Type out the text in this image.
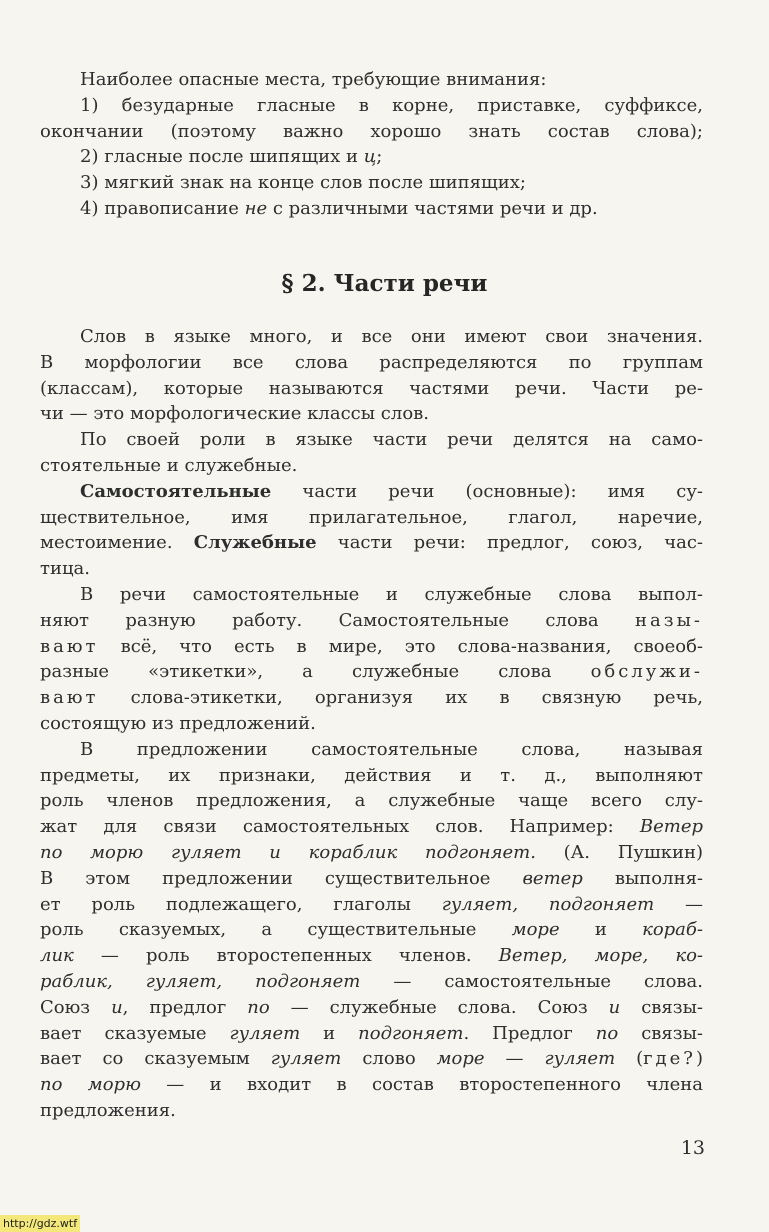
Наиболее опасные места, требующие внимания:
1) безударные гласные в корне, приставке, суффиксе,
окончании (поэтому важно хорошо знать состав слова);
2) гласные после шипящих и ц;
3) мягкий знак на конце слов после шипящих;
4) правописание не с различными частями речи и др.
§ 2. Части речи
Слов в языке много, и все они имеют свои значения.
В морфологии все слова распределяются по группам
(классам), которые называются частями речи. Части ре-
чи — это морфологические классы слов.
По своей роли в языке части речи делятся на само-
стоятельные и служебные.
Самостоятельные части речи (основные): имя су-
ществительное, имя прилагательное, глагол, наречие,
местоимение. Служебные части речи: предлог, союз, час-
тица.
В речи самостоятельные и служебные слова выпол-
няют разную работу. Самостоятельные слова назы-
вают всё, что есть в мире, это слова-названия, своеоб-
разные «этикетки», а служебные слова обслужи-
вают слова-этикетки, организуя их в связную речь,
состоящую из предложений.
В предложении самостоятельные слова, называя
предметы, их признаки, действия и т. д., выполняют
роль членов предложения, а служебные чаще всего слу-
жат для связи самостоятельных слов. Например: Ветер
по морю гуляет и кораблик подгоняет. (А. Пушкин)
В этом предложении существительное ветер выполня-
ет роль подлежащего, глаголы гуляет, подгоняет —
роль сказуемых, а существительные море и кораб-
лик — роль второстепенных членов. Ветер, море, ко-
раблик, гуляет, подгоняет — самостоятельные слова.
Союз и, предлог по — служебные слова. Союз и связы-
вает сказуемые гуляет и подгоняет. Предлог по связы-
вает со сказуемым гуляет слово море — гуляет (где?)
по морю — и входит в состав второстепенного члена
предложения.
13
http://gdz.wtf
